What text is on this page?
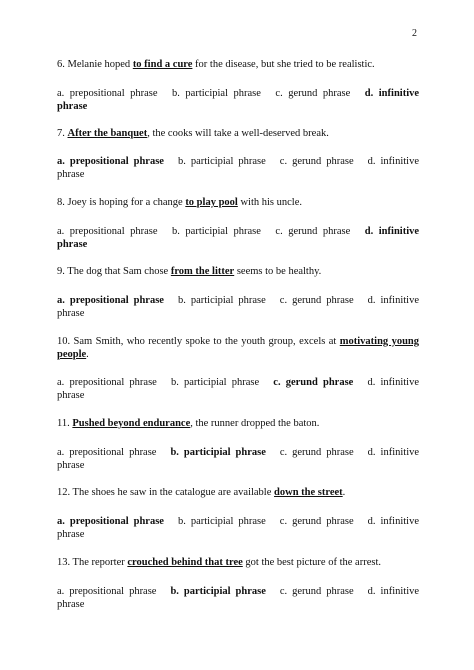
2
6. Melanie hoped to find a cure for the disease, but she tried to be realistic.
a. prepositional phrase b. participial phrase c. gerund phrase d. infinitive phrase
7. After the banquet, the cooks will take a well-deserved break.
a. prepositional phrase b. participial phrase c. gerund phrase d. infinitive phrase
8. Joey is hoping for a change to play pool with his uncle.
a. prepositional phrase b. participial phrase c. gerund phrase d. infinitive phrase
9. The dog that Sam chose from the litter seems to be healthy.
a. prepositional phrase b. participial phrase c. gerund phrase d. infinitive phrase
10. Sam Smith, who recently spoke to the youth group, excels at motivating young people.
a. prepositional phrase b. participial phrase c. gerund phrase d. infinitive phrase
11. Pushed beyond endurance, the runner dropped the baton.
a. prepositional phrase b. participial phrase c. gerund phrase d. infinitive phrase
12. The shoes he saw in the catalogue are available down the street.
a. prepositional phrase b. participial phrase c. gerund phrase d. infinitive phrase
13. The reporter crouched behind that tree got the best picture of the arrest.
a. prepositional phrase b. participial phrase c. gerund phrase d. infinitive phrase
